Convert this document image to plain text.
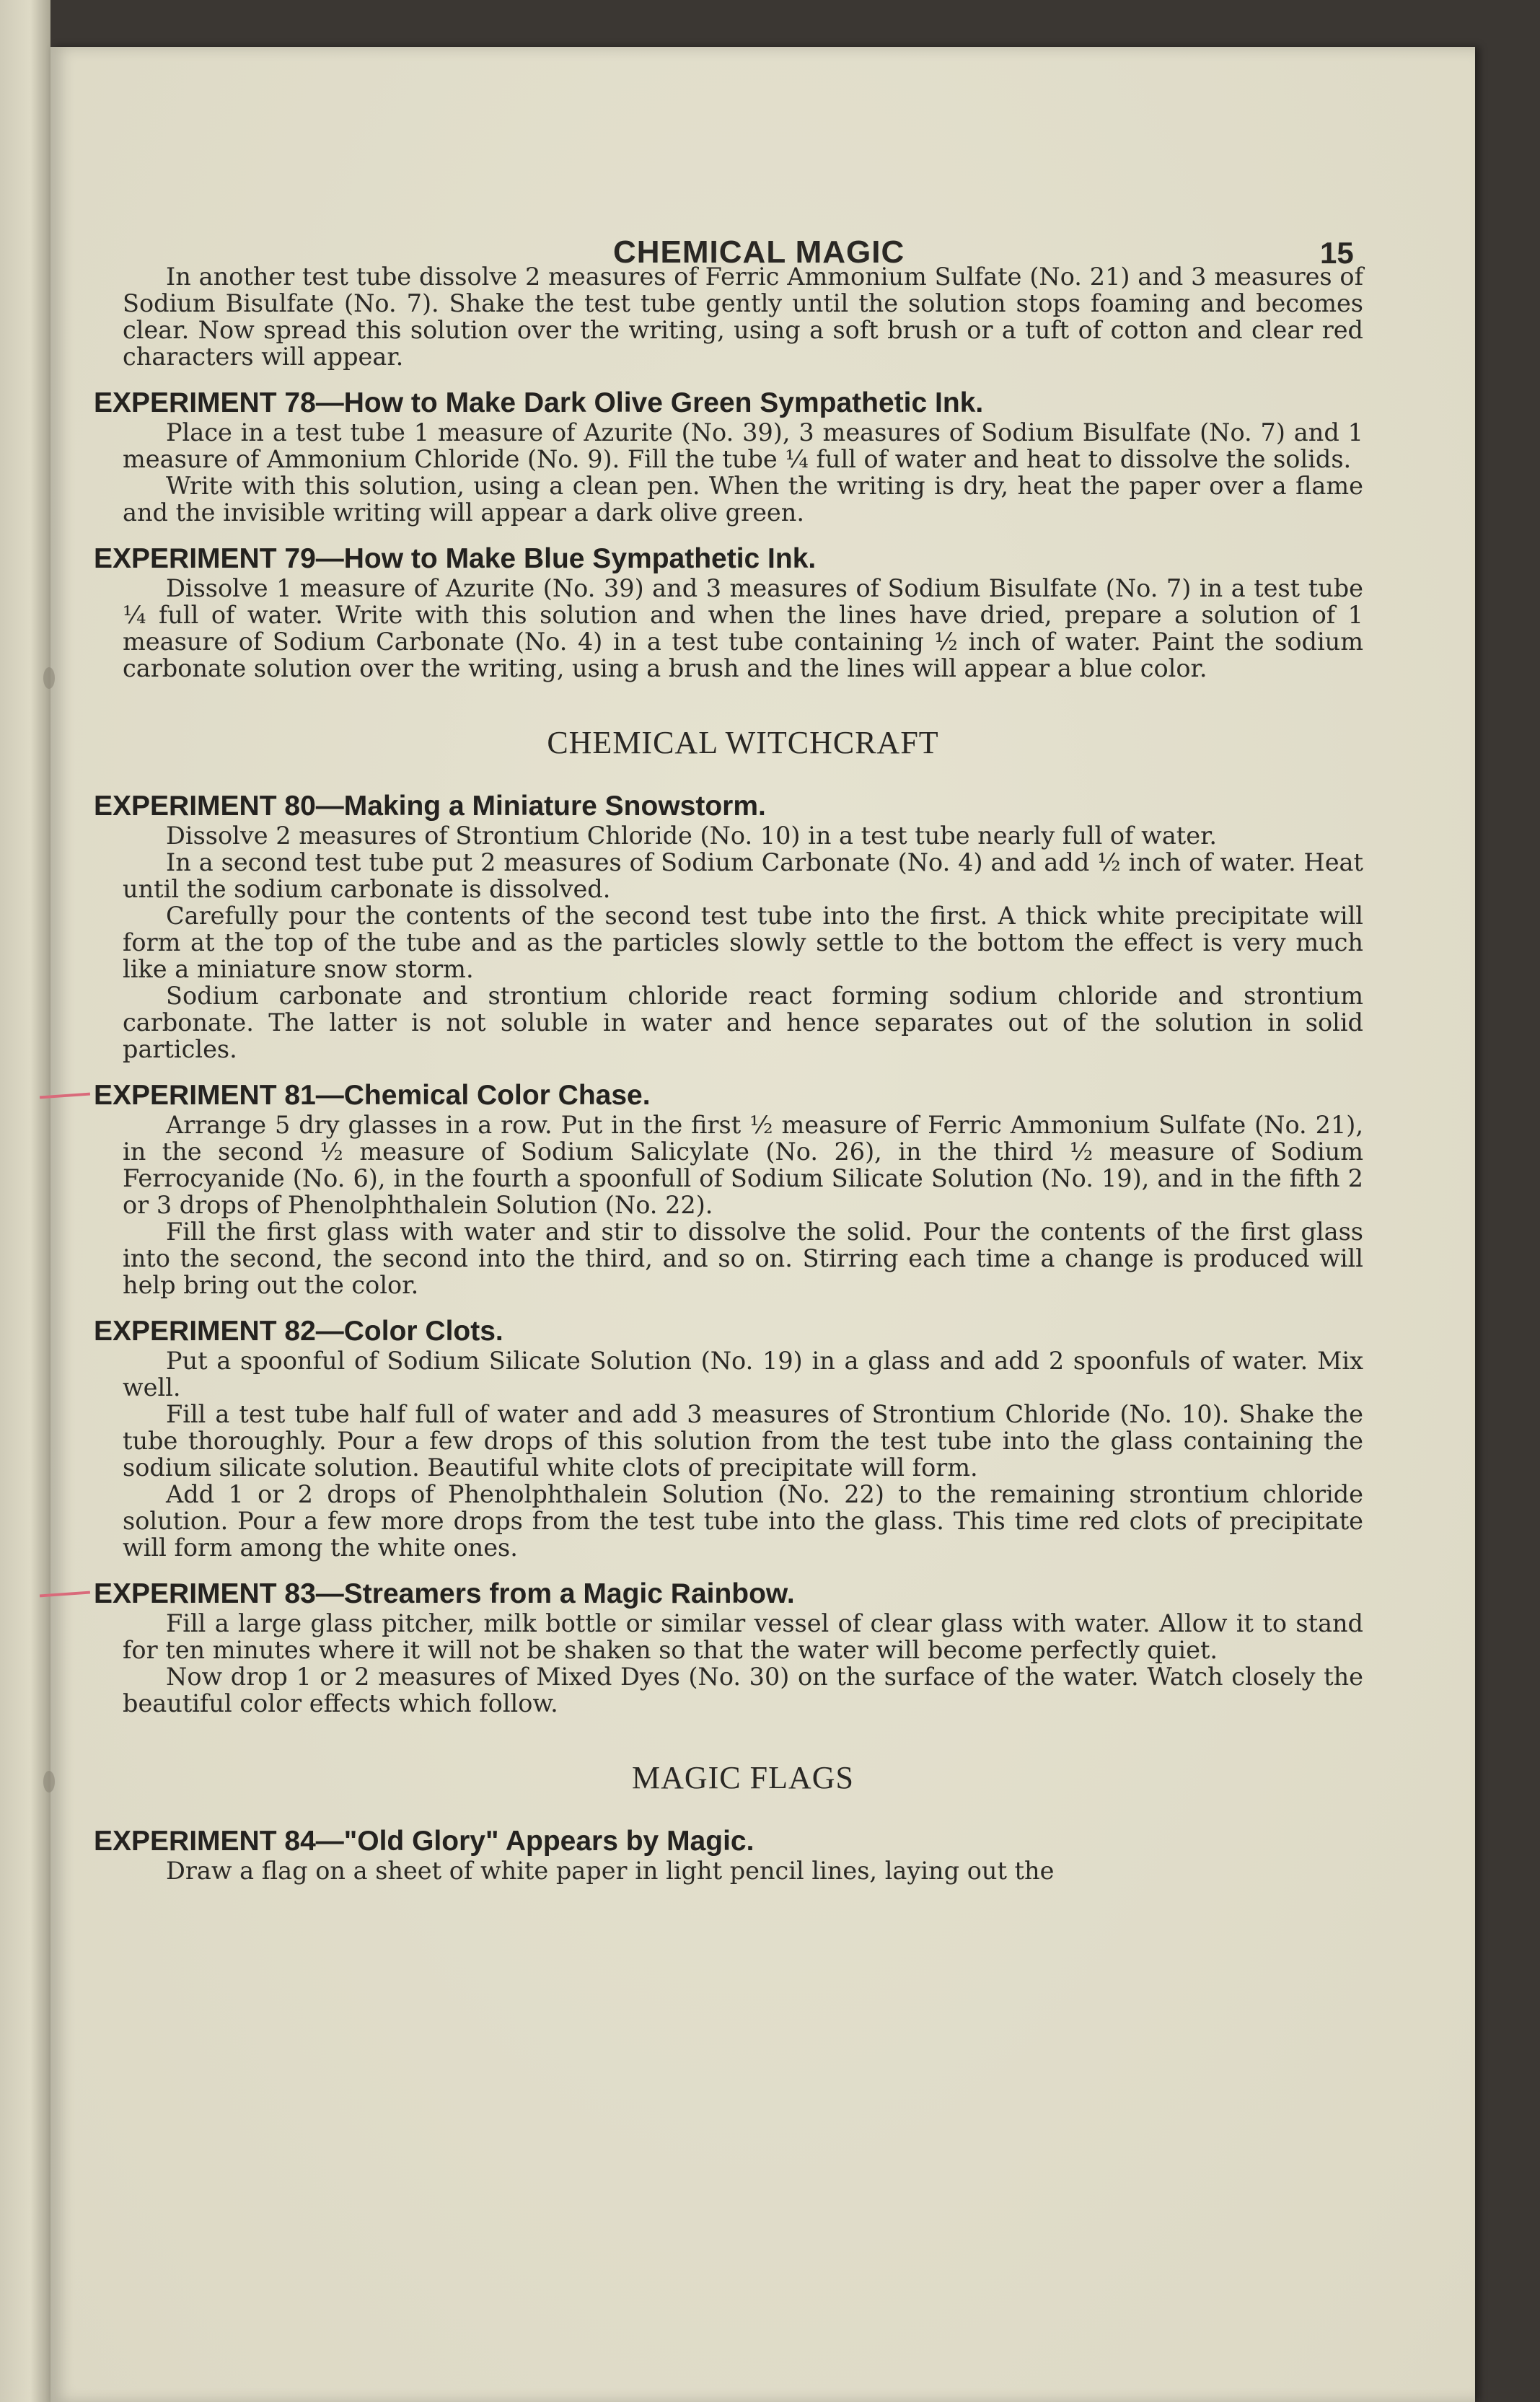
CHEMICAL MAGIC	15

In another test tube dissolve 2 measures of Ferric Ammonium Sulfate (No. 21) and 3 measures of Sodium Bisulfate (No. 7). Shake the test tube gently until the solution stops foaming and becomes clear. Now spread this solution over the writing, using a soft brush or a tuft of cotton and clear red characters will appear.

EXPERIMENT 78—How to Make Dark Olive Green Sympathetic Ink.

Place in a test tube 1 measure of Azurite (No. 39), 3 measures of Sodium Bisulfate (No. 7) and 1 measure of Ammonium Chloride (No. 9). Fill the tube ¼ full of water and heat to dissolve the solids.

Write with this solution, using a clean pen. When the writing is dry, heat the paper over a flame and the invisible writing will appear a dark olive green.

EXPERIMENT 79—How to Make Blue Sympathetic Ink.

Dissolve 1 measure of Azurite (No. 39) and 3 measures of Sodium Bisulfate (No. 7) in a test tube ¼ full of water. Write with this solution and when the lines have dried, prepare a solution of 1 measure of Sodium Carbonate (No. 4) in a test tube containing ½ inch of water. Paint the sodium carbonate solution over the writing, using a brush and the lines will appear a blue color.

CHEMICAL WITCHCRAFT
EXPERIMENT 80—Making a Miniature Snowstorm.

Dissolve 2 measures of Strontium Chloride (No. 10) in a test tube nearly full of water.

In a second test tube put 2 measures of Sodium Carbonate (No. 4) and add ½ inch of water. Heat until the sodium carbonate is dissolved.

Carefully pour the contents of the second test tube into the first. A thick white precipitate will form at the top of the tube and as the particles slowly settle to the bottom the effect is very much like a miniature snow storm.

Sodium carbonate and strontium chloride react forming sodium chloride and strontium carbonate. The latter is not soluble in water and hence separates out of the solution in solid particles.

EXPERIMENT 81—Chemical Color Chase.

Arrange 5 dry glasses in a row. Put in the first ½ measure of Ferric Ammonium Sulfate (No. 21), in the second ½ measure of Sodium Salicylate (No. 26), in the third ½ measure of Sodium Ferrocyanide (No. 6), in the fourth a spoonfull of Sodium Silicate Solution (No. 19), and in the fifth 2 or 3 drops of Phenolphthalein Solution (No. 22).

Fill the first glass with water and stir to dissolve the solid. Pour the contents of the first glass into the second, the second into the third, and so on. Stirring each time a change is produced will help bring out the color.

EXPERIMENT 82—Color Clots.

Put a spoonful of Sodium Silicate Solution (No. 19) in a glass and add 2 spoonfuls of water. Mix well.

Fill a test tube half full of water and add 3 measures of Strontium Chloride (No. 10). Shake the tube thoroughly. Pour a few drops of this solution from the test tube into the glass containing the sodium silicate solution. Beautiful white clots of precipitate will form.

Add 1 or 2 drops of Phenolphthalein Solution (No. 22) to the remaining strontium chloride solution. Pour a few more drops from the test tube into the glass. This time red clots of precipitate will form among the white ones.

EXPERIMENT 83—Streamers from a Magic Rainbow.

Fill a large glass pitcher, milk bottle or similar vessel of clear glass with water. Allow it to stand for ten minutes where it will not be shaken so that the water will become perfectly quiet.

Now drop 1 or 2 measures of Mixed Dyes (No. 30) on the surface of the water. Watch closely the beautiful color effects which follow.

MAGIC FLAGS
EXPERIMENT 84—"Old Glory" Appears by Magic.

Draw a flag on a sheet of white paper in light pencil lines, laying out the
